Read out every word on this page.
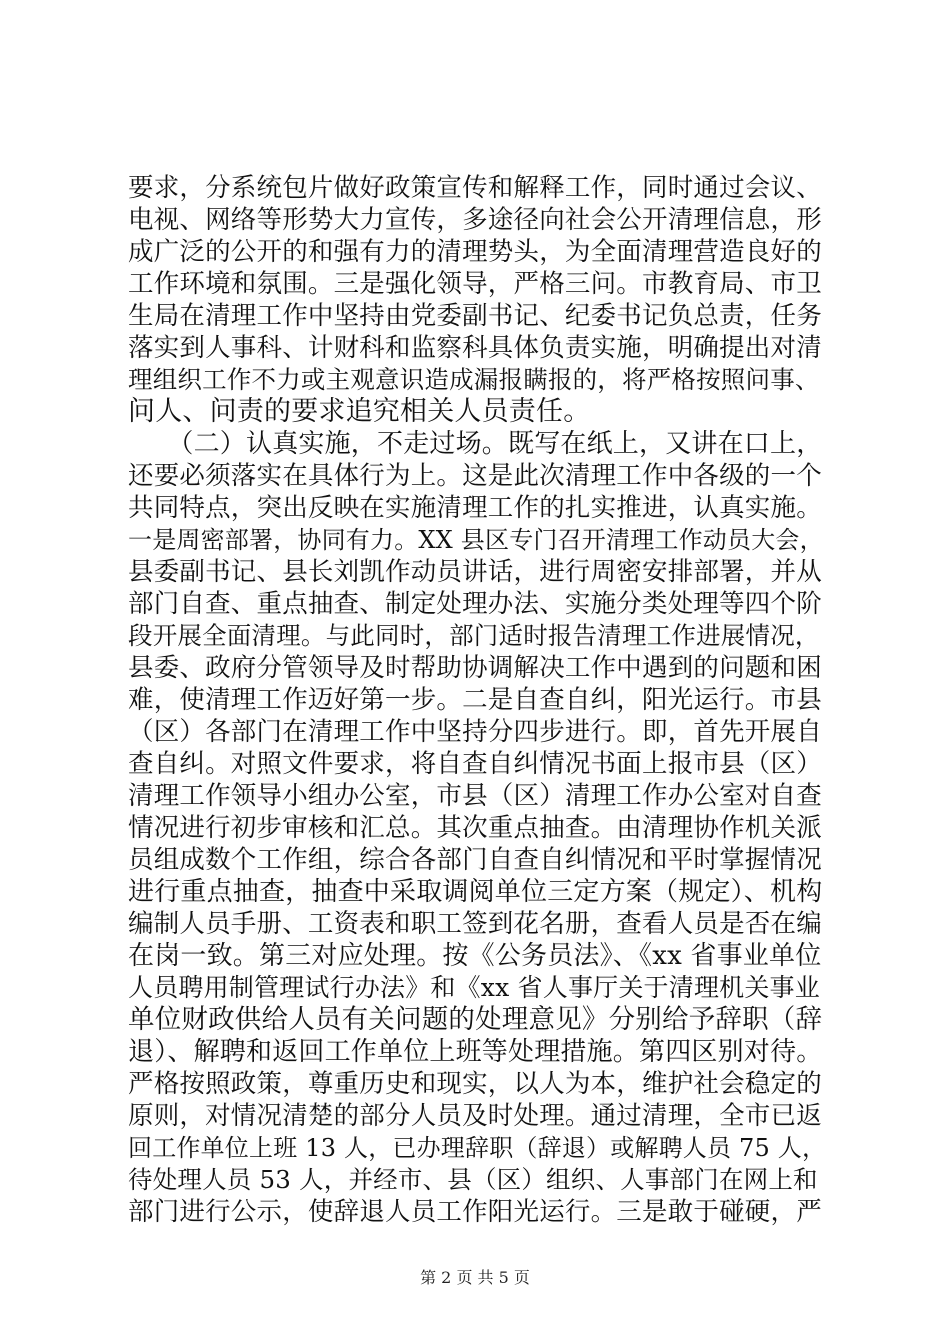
要求，分系统包片做好政策宣传和解释工作，同时通过会议、
电视、网络等形势大力宣传，多途径向社会公开清理信息，形
成广泛的公开的和强有力的清理势头，为全面清理营造良好的
工作环境和氛围。三是强化领导，严格三问。市教育局、市卫
生局在清理工作中坚持由党委副书记、纪委书记负总责，任务
落实到人事科、计财科和监察科具体负责实施，明确提出对清
理组织工作不力或主观意识造成漏报瞒报的，将严格按照问事、
问人、问责的要求追究相关人员责任。
　　（二）认真实施，不走过场。既写在纸上，又讲在口上，
还要必须落实在具体行为上。这是此次清理工作中各级的一个
共同特点，突出反映在实施清理工作的扎实推进，认真实施。
一是周密部署，协同有力。XX 县区专门召开清理工作动员大会，
县委副书记、县长刘凯作动员讲话，进行周密安排部署，并从
部门自查、重点抽查、制定处理办法、实施分类处理等四个阶
段开展全面清理。与此同时，部门适时报告清理工作进展情况，
县委、政府分管领导及时帮助协调解决工作中遇到的问题和困
难，使清理工作迈好第一步。二是自查自纠，阳光运行。市县
（区）各部门在清理工作中坚持分四步进行。即，首先开展自
查自纠。对照文件要求，将自查自纠情况书面上报市县（区）
清理工作领导小组办公室，市县（区）清理工作办公室对自查
情况进行初步审核和汇总。其次重点抽查。由清理协作机关派
员组成数个工作组，综合各部门自查自纠情况和平时掌握情况
进行重点抽查，抽查中采取调阅单位三定方案（规定）、机构
编制人员手册、工资表和职工签到花名册，查看人员是否在编
在岗一致。第三对应处理。按《公务员法》、《xx 省事业单位
人员聘用制管理试行办法》和《xx 省人事厅关于清理机关事业
单位财政供给人员有关问题的处理意见》分别给予辞职（辞
退）、解聘和返回工作单位上班等处理措施。第四区别对待。
严格按照政策，尊重历史和现实，以人为本，维护社会稳定的
原则，对情况清楚的部分人员及时处理。通过清理，全市已返
回工作单位上班 13 人，已办理辞职（辞退）或解聘人员 75 人，
待处理人员 53 人，并经市、县（区）组织、人事部门在网上和
部门进行公示，使辞退人员工作阳光运行。三是敢于碰硬，严
第 2 页 共 5 页
